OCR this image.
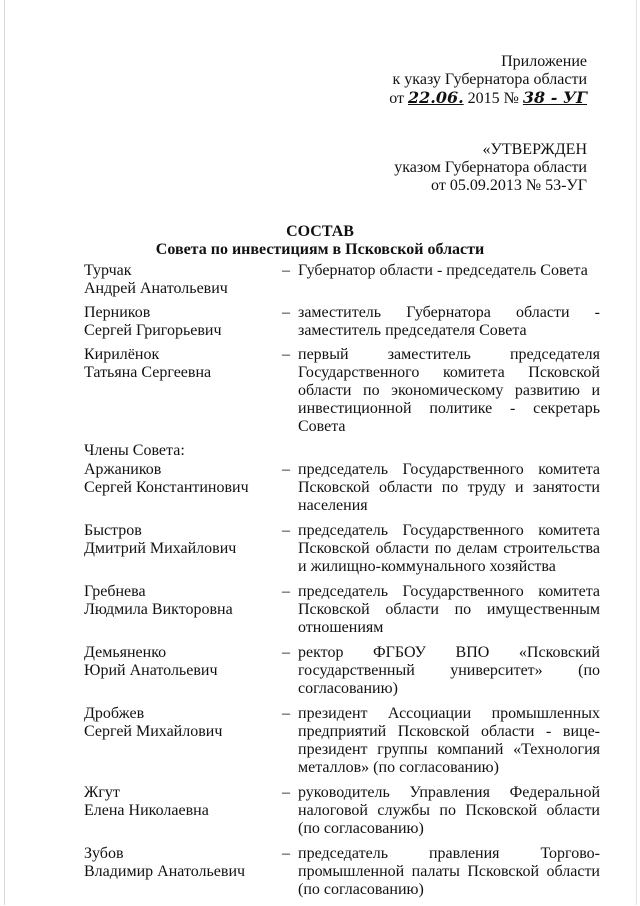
Приложение
к указу Губернатора области
от 22.06. 2015 № 38 - УГ
«УТВЕРЖДЕН
указом Губернатора области
от 05.09.2013 № 53-УГ
СОСТАВ
Совета по инвестициям в Псковской области
Турчак
Андрей Анатольевич
– Губернатор области - председатель Совета
Перников
Сергей Григорьевич
– заместитель Губернатора области - заместитель председателя Совета
Кирилёнок
Татьяна Сергеевна
– первый заместитель председателя Государственного комитета Псковской области по экономическому развитию и инвестиционной политике - секретарь Совета
Члены Совета:
Аржаников
Сергей Константинович
– председатель Государственного комитета Псковской области по труду и занятости населения
Быстров
Дмитрий Михайлович
– председатель Государственного комитета Псковской области по делам строительства и жилищно-коммунального хозяйства
Гребнева
Людмила Викторовна
– председатель Государственного комитета Псковской области по имущественным отношениям
Демьяненко
Юрий Анатольевич
– ректор ФГБОУ ВПО «Псковский государственный университет» (по согласованию)
Дробжев
Сергей Михайлович
– президент Ассоциации промышленных предприятий Псковской области - вице-президент группы компаний «Технология металлов» (по согласованию)
Жгут
Елена Николаевна
– руководитель Управления Федеральной налоговой службы по Псковской области (по согласованию)
Зубов
Владимир Анатольевич
– председатель правления Торгово-промышленной палаты Псковской области (по согласованию)
